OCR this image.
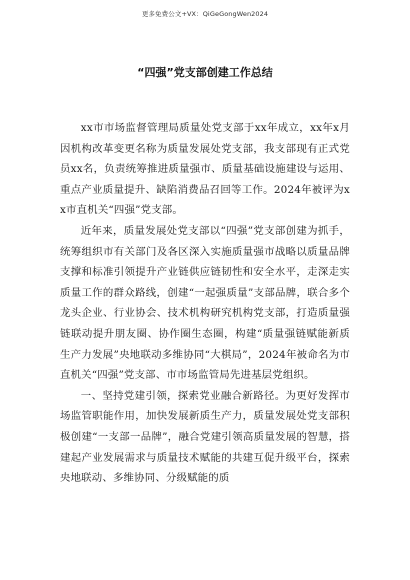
更多免费公文+VX：QiGeGongWen2024
“四强”党支部创建工作总结

xx市市场监督管理局质量处党支部于xx年成立，xx年x月因机构改革变更名称为质量发展处党支部，我支部现有正式党员xx名，负责统筹推进质量强市、质量基础设施建设与运用、重点产业质量提升、缺陷消费品召回等工作。2024年被评为xx市直机关“四强”党支部。

近年来，质量发展处党支部以“四强”党支部创建为抓手，统筹组织市有关部门及各区深入实施质量强市战略以质量品牌支撑和标准引领提升产业链供应链韧性和安全水平，走深走实质量工作的群众路线，创建“一起强质量”支部品牌，联合多个龙头企业、行业协会、技术机构研究机构党支部，打造质量强链联动提升朋友圈、协作圈生态圈，构建“质量强链赋能新质生产力发展”央地联动多维协同“大棋局”，2024年被命名为市直机关“四强”党支部、市市场监管局先进基层党组织。

一、坚持党建引领，探索党业融合新路径。为更好发挥市场监管职能作用，加快发展新质生产力，质量发展处党支部积极创建“一支部一品牌”，融合党建引领高质量发展的智慧，搭建起产业发展需求与质量技术赋能的共建互促升级平台，探索央地联动、多维协同、分级赋能的质
